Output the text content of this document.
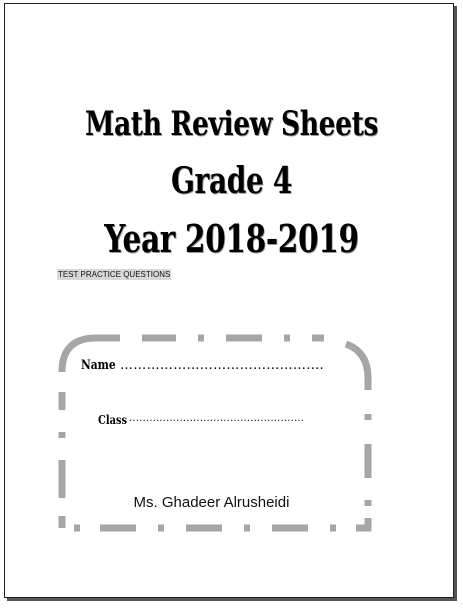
Math Review Sheets
Grade 4
Year 2018-2019
TEST PRACTICE QUESTIONS
Name ……………………………………….
Class …………………………………………….
Ms. Ghadeer Alrusheidi
